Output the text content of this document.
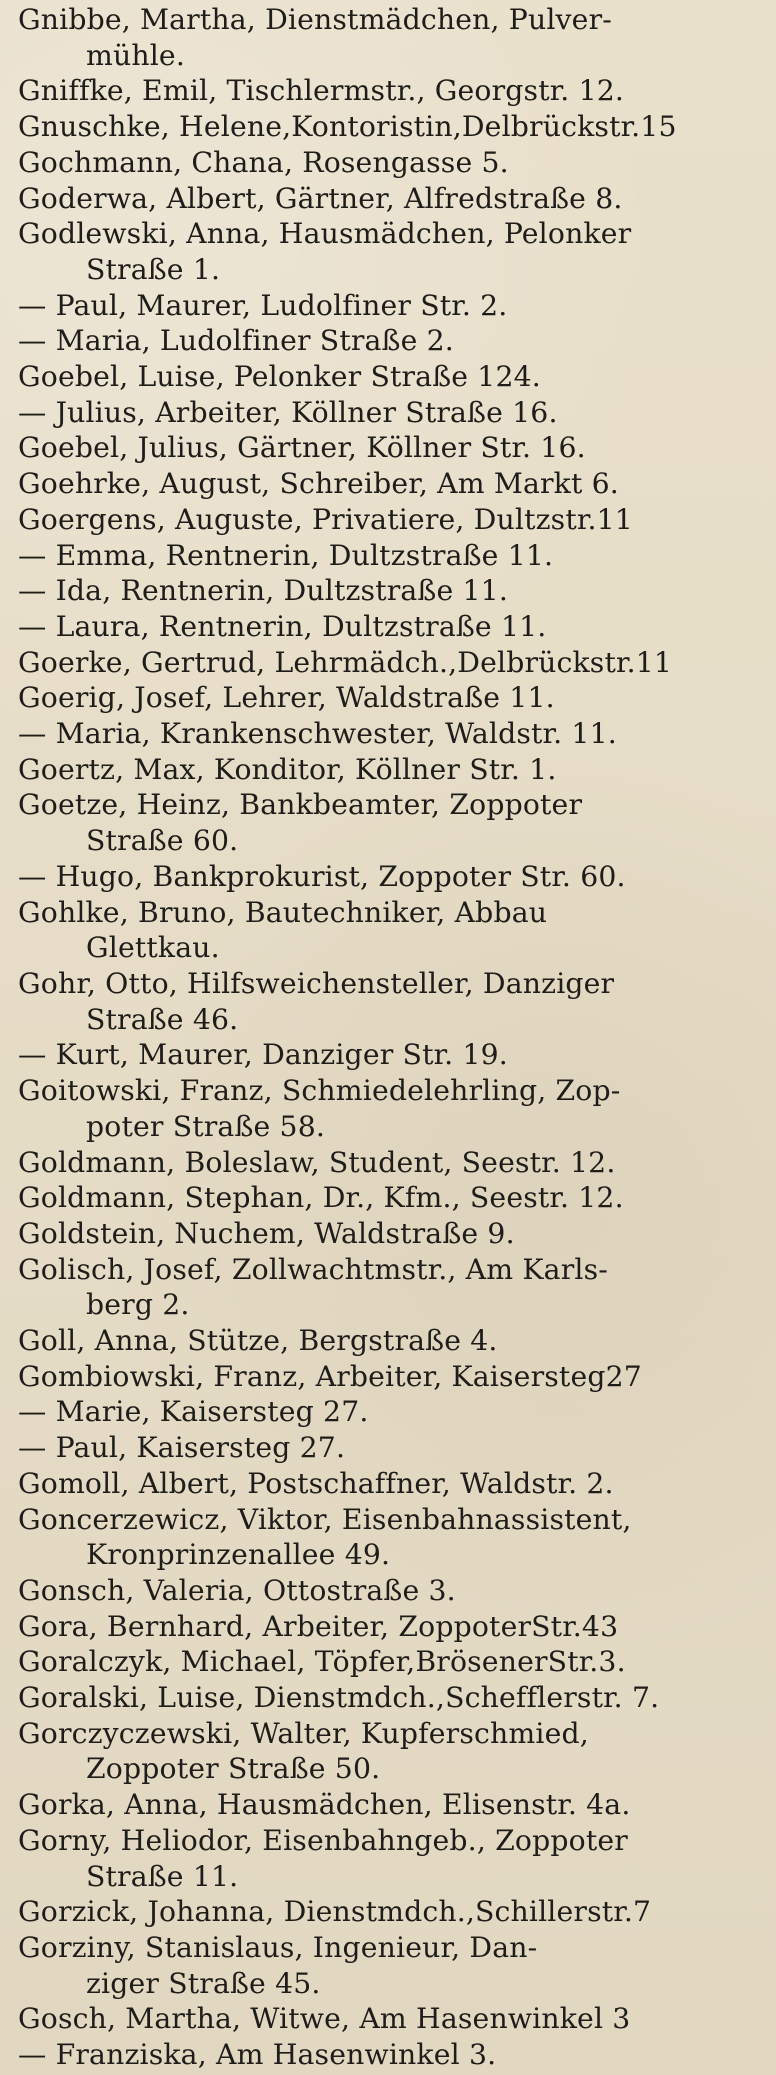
Gnibbe, Martha, Dienstmädchen, Pulver-
mühle.
Gniffke, Emil, Tischlermstr., Georgstr. 12.
Gnuschke, Helene,Kontoristin,Delbrückstr.15
Gochmann, Chana, Rosengasse 5.
Goderwa, Albert, Gärtner, Alfredstraße 8.
Godlewski, Anna, Hausmädchen, Pelonker
Straße 1.
— Paul, Maurer, Ludolfiner Str. 2.
— Maria, Ludolfiner Straße 2.
Goebel, Luise, Pelonker Straße 124.
— Julius, Arbeiter, Köllner Straße 16.
Goebel, Julius, Gärtner, Köllner Str. 16.
Goehrke, August, Schreiber, Am Markt 6.
Goergens, Auguste, Privatiere, Dultzstr.11
— Emma, Rentnerin, Dultzstraße 11.
— Ida, Rentnerin, Dultzstraße 11.
— Laura, Rentnerin, Dultzstraße 11.
Goerke, Gertrud, Lehrmädch.,Delbrückstr.11
Goerig, Josef, Lehrer, Waldstraße 11.
— Maria, Krankenschwester, Waldstr. 11.
Goertz, Max, Konditor, Köllner Str. 1.
Goetze, Heinz, Bankbeamter, Zoppoter
Straße 60.
— Hugo, Bankprokurist, Zoppoter Str. 60.
Gohlke, Bruno, Bautechniker, Abbau
Glettkau.
Gohr, Otto, Hilfsweichensteller, Danziger
Straße 46.
— Kurt, Maurer, Danziger Str. 19.
Goitowski, Franz, Schmiedelehrling, Zop-
poter Straße 58.
Goldmann, Boleslaw, Student, Seestr. 12.
Goldmann, Stephan, Dr., Kfm., Seestr. 12.
Goldstein, Nuchem, Waldstraße 9.
Golisch, Josef, Zollwachtmstr., Am Karls-
berg 2.
Goll, Anna, Stütze, Bergstraße 4.
Gombiowski, Franz, Arbeiter, Kaisersteg27
— Marie, Kaisersteg 27.
— Paul, Kaisersteg 27.
Gomoll, Albert, Postschaffner, Waldstr. 2.
Goncerzewicz, Viktor, Eisenbahnassistent,
Kronprinzenallee 49.
Gonsch, Valeria, Ottostraße 3.
Gora, Bernhard, Arbeiter, ZoppoterStr.43
Goralczyk, Michael, Töpfer,BrösenerStr.3.
Goralski, Luise, Dienstmdch.,Schefflerstr. 7.
Gorczyczewski, Walter, Kupferschmied,
Zoppoter Straße 50.
Gorka, Anna, Hausmädchen, Elisenstr. 4a.
Gorny, Heliodor, Eisenbahngeb., Zoppoter
Straße 11.
Gorzick, Johanna, Dienstmdch.,Schillerstr.7
Gorziny, Stanislaus, Ingenieur, Dan-
ziger Straße 45.
Gosch, Martha, Witwe, Am Hasenwinkel 3
— Franziska, Am Hasenwinkel 3.
